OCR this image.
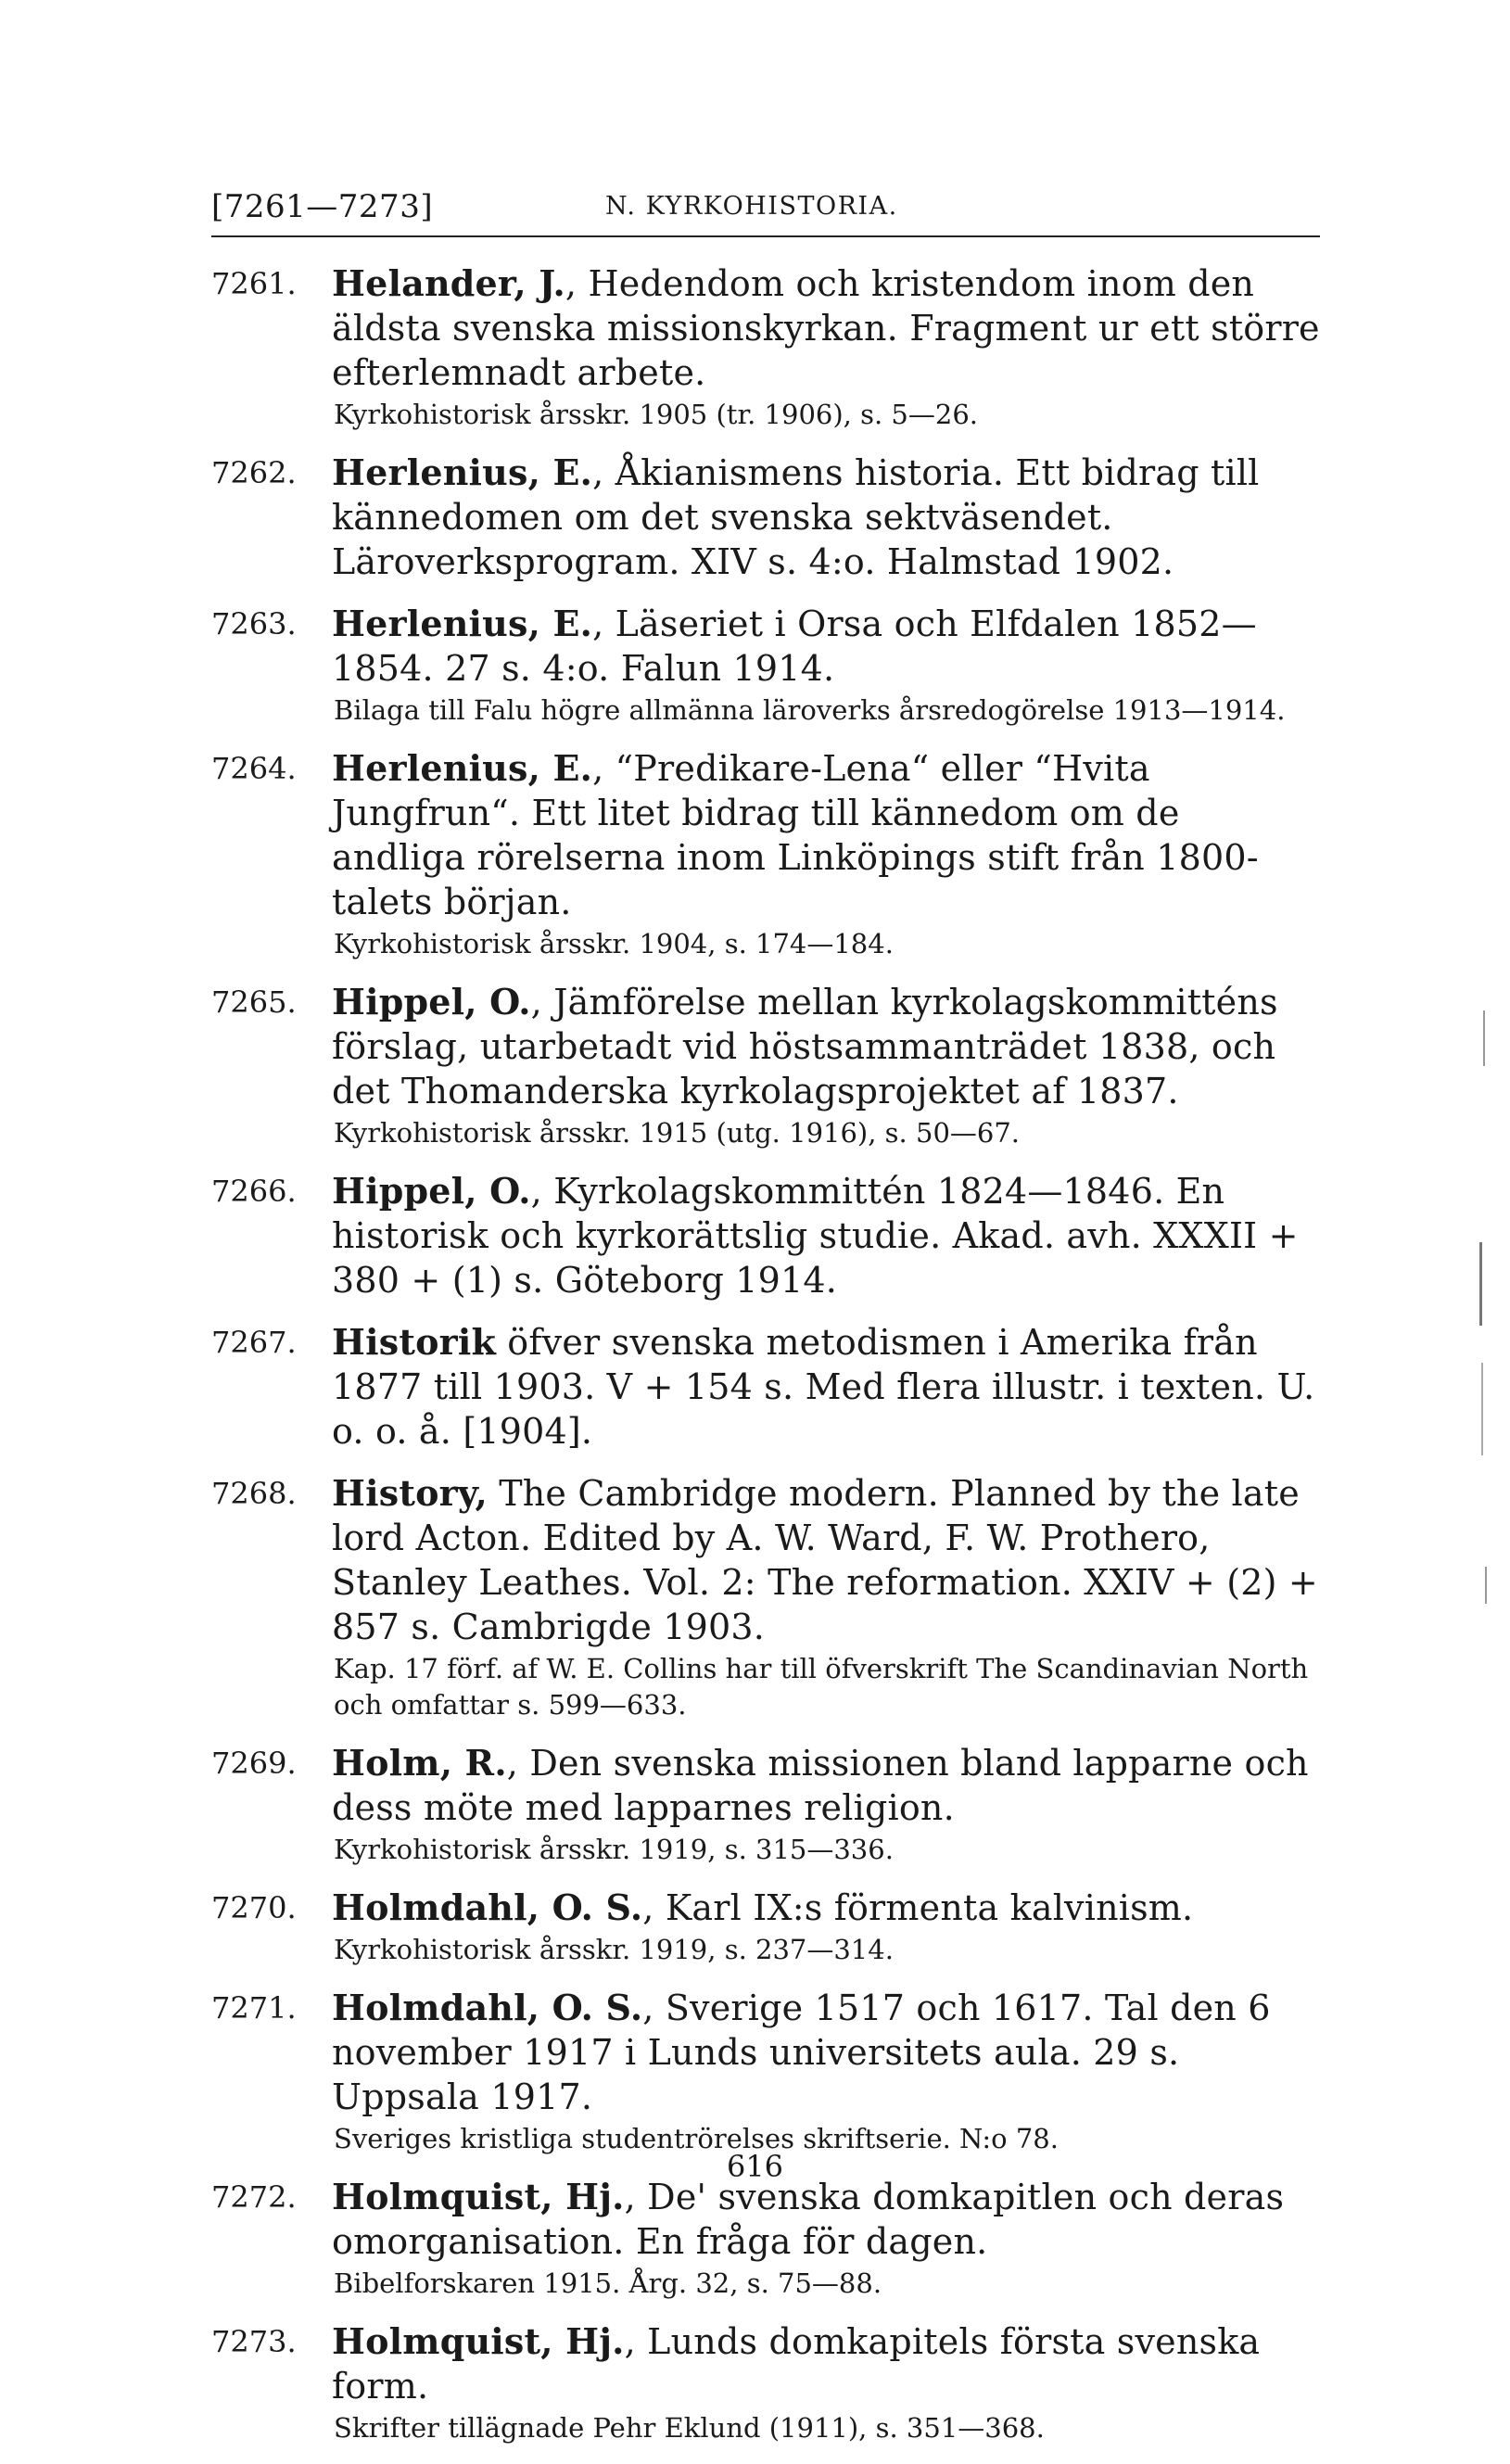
[7261—7273]	N. KYRKOHISTORIA.
7261.	Helander, J., Hedendom och kristendom inom den äldsta svenska missionskyrkan. Fragment ur ett större efterlemnadt arbete.
Kyrkohistorisk årsskr. 1905 (tr. 1906), s. 5—26.
7262.	Herlenius, E., Åkianismens historia. Ett bidrag till kännedomen om det svenska sektväsendet. Läroverksprogram. XIV s. 4:o. Halmstad 1902.
7263.	Herlenius, E., Läseriet i Orsa och Elfdalen 1852—1854. 27 s. 4:o. Falun 1914.
Bilaga till Falu högre allmänna läroverks årsredogörelse 1913—1914.
7264.	Herlenius, E., “Predikare-Lena“ eller “Hvita Jungfrun“. Ett litet bidrag till kännedom om de andliga rörelserna inom Linköpings stift från 1800-talets början.
Kyrkohistorisk årsskr. 1904, s. 174—184.
7265.	Hippel, O., Jämförelse mellan kyrkolagskommitténs förslag, utarbetadt vid höstsammanträdet 1838, och det Thomanderska kyrkolagsprojektet af 1837.
Kyrkohistorisk årsskr. 1915 (utg. 1916), s. 50—67.
7266.	Hippel, O., Kyrkolagskommittén 1824—1846. En historisk och kyrkorättslig studie. Akad. avh. XXXII + 380 + (1) s. Göteborg 1914.
7267.	Historik öfver svenska metodismen i Amerika från 1877 till 1903. V + 154 s. Med flera illustr. i texten. U. o. o. å. [1904].
7268.	History, The Cambridge modern. Planned by the late lord Acton. Edited by A. W. Ward, F. W. Prothero, Stanley Leathes. Vol. 2: The reformation. XXIV + (2) + 857 s. Cambrigde 1903.
Kap. 17 förf. af W. E. Collins har till öfverskrift The Scandinavian North och omfattar s. 599—633.
7269.	Holm, R., Den svenska missionen bland lapparne och dess möte med lapparnes religion.
Kyrkohistorisk årsskr. 1919, s. 315—336.
7270.	Holmdahl, O. S., Karl IX:s förmenta kalvinism.
Kyrkohistorisk årsskr. 1919, s. 237—314.
7271.	Holmdahl, O. S., Sverige 1517 och 1617. Tal den 6 november 1917 i Lunds universitets aula. 29 s. Uppsala 1917.
Sveriges kristliga studentrörelses skriftserie. N:o 78.
7272.	Holmquist, Hj., De' svenska domkapitlen och deras omorganisation. En fråga för dagen.
Bibelforskaren 1915. Årg. 32, s. 75—88.
7273.	Holmquist, Hj., Lunds domkapitels första svenska form.
Skrifter tillägnade Pehr Eklund (1911), s. 351—368.
616
